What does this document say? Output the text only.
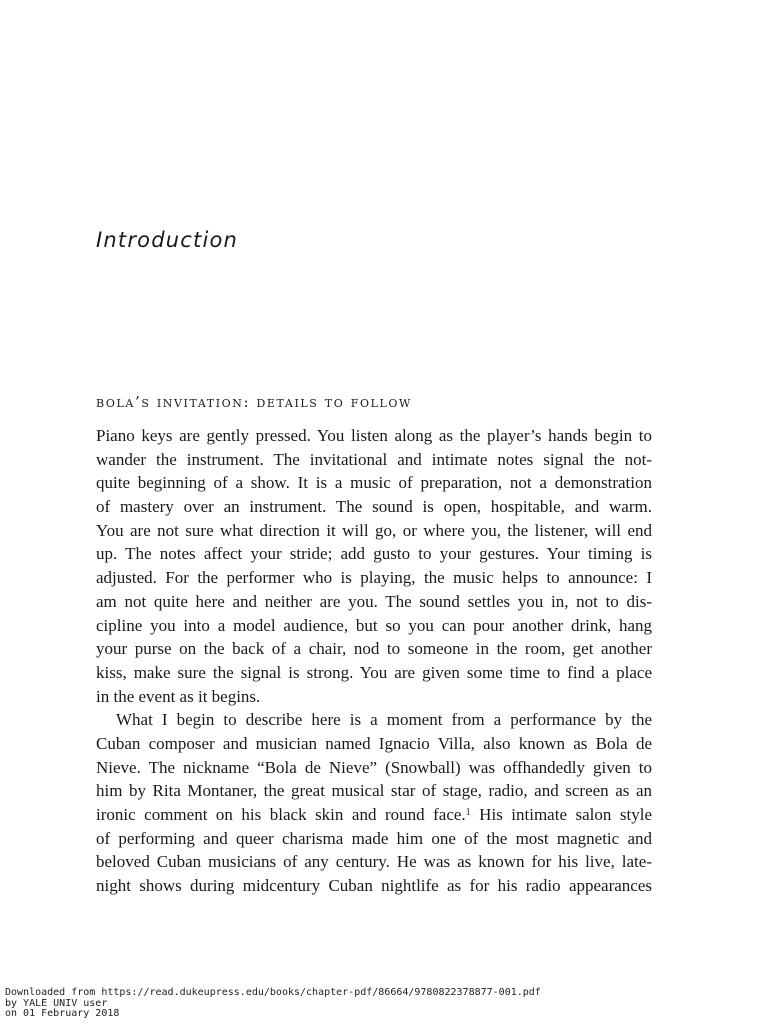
Introduction
bola’s invitation: details to follow
Piano keys are gently pressed. You listen along as the player’s hands begin to
wander the instrument. The invitational and intimate notes signal the not-
quite beginning of a show. It is a music of preparation, not a demonstration
of mastery over an instrument. The sound is open, hospitable, and warm.
You are not sure what direction it will go, or where you, the listener, will end
up. The notes affect your stride; add gusto to your gestures. Your timing is
adjusted. For the performer who is playing, the music helps to announce: I
am not quite here and neither are you. The sound settles you in, not to dis-
cipline you into a model audience, but so you can pour another drink, hang
your purse on the back of a chair, nod to someone in the room, get another
kiss, make sure the signal is strong. You are given some time to find a place
in the event as it begins.
What I begin to describe here is a moment from a performance by the
Cuban composer and musician named Ignacio Villa, also known as Bola de
Nieve. The nickname “Bola de Nieve” (Snowball) was offhandedly given to
him by Rita Montaner, the great musical star of stage, radio, and screen as an
ironic comment on his black skin and round face.$^1$ His intimate salon style
of performing and queer charisma made him one of the most magnetic and
beloved Cuban musicians of any century. He was as known for his live, late-
night shows during midcentury Cuban nightlife as for his radio appearances
Downloaded from https://read.dukeupress.edu/books/chapter-pdf/86664/9780822378877-001.pdf
by YALE UNIV user
on 01 February 2018
